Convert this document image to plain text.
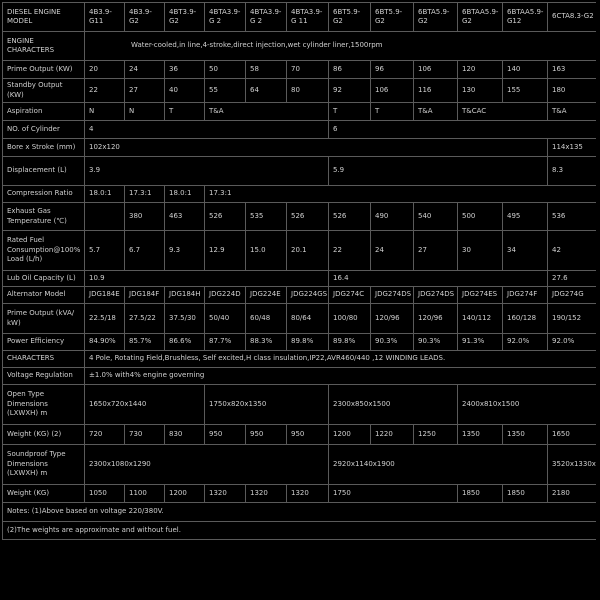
DIESEL ENGINE MODEL	4B3.9-G11	4B3.9-G2	4BT3.9-G2	4BTA3.9-G 2	4BTA3.9-G 2	4BTA3.9-G 11	6BT5.9-G2	6BT5.9-G2	6BTA5.9-G2	6BTAA5.9-G2	6BTAA5.9-G12	6CTA8.3-G2
ENGINE CHARACTERS	Water-cooled,in line,4-stroke,direct injection,wet cylinder liner,1500rpm											
Prime Output (KW)	20	24	36	50	58	70	86	96	106	120	140	163
Standby Output (KW)	22	27	40	55	64	80	92	106	116	130	155	180
Aspiration	N	N	T	T&A			T	T	T&A	T&CAC		T&A
NO. of Cylinder	4						6					
Bore x Stroke (mm)	102x120											114x135
Displacement (L)	3.9						5.9					8.3
Compression Ratio	18.0:1	17.3:1	18.0:1	17.3:1								
Exhaust Gas Temperature (℃)		380	463	526	535	526	526	490	540	500	495	536
Rated Fuel Consumption@100% Load (L/h)	5.7	6.7	9.3	12.9	15.0	20.1	22	24	27	30	34	42
Lub Oil Capacity (L)	10.9						16.4					27.6
Alternator Model	JDG184E	JDG184F	JDG184H	JDG224D	JDG224E	JDG224GS	JDG274C	JDG274DS	JDG274DS	JDG274ES	JDG274F	JDG274G
Prime Output (kVA/ kW)	22.5/18	27.5/22	37.5/30	50/40	60/48	80/64	100/80	120/96	120/96	140/112	160/128	190/152
Power Efficiency	84.90%	85.7%	86.6%	87.7%	88.3%	89.8%	89.8%	90.3%	90.3%	91.3%	92.0%	92.0%
CHARACTERS	4 Pole, Rotating Field,Brushless, Self excited,H class insulation,IP22,AVR460/440 ,12 WINDING LEADS.											
Voltage Regulation	±1.0% with4% engine governing											
Open Type Dimensions (LXWXH) m	1650x720x1440			1750x820x1350			2300x850x1500			2400x810x1500		
Weight (KG) (2)	720	730	830	950	950	950	1200	1220	1250	1350	1350	1650
Soundproof Type Dimensions (LXWXH) m	2300x1080x1290						2920x1140x1900					3520x1330x
Weight (KG)	1050	1100	1200	1320	1320	1320	1750			1850	1850	2180
Notes: (1)Above based on voltage 220/380V.												
(2)The weights are approximate and without fuel.												
